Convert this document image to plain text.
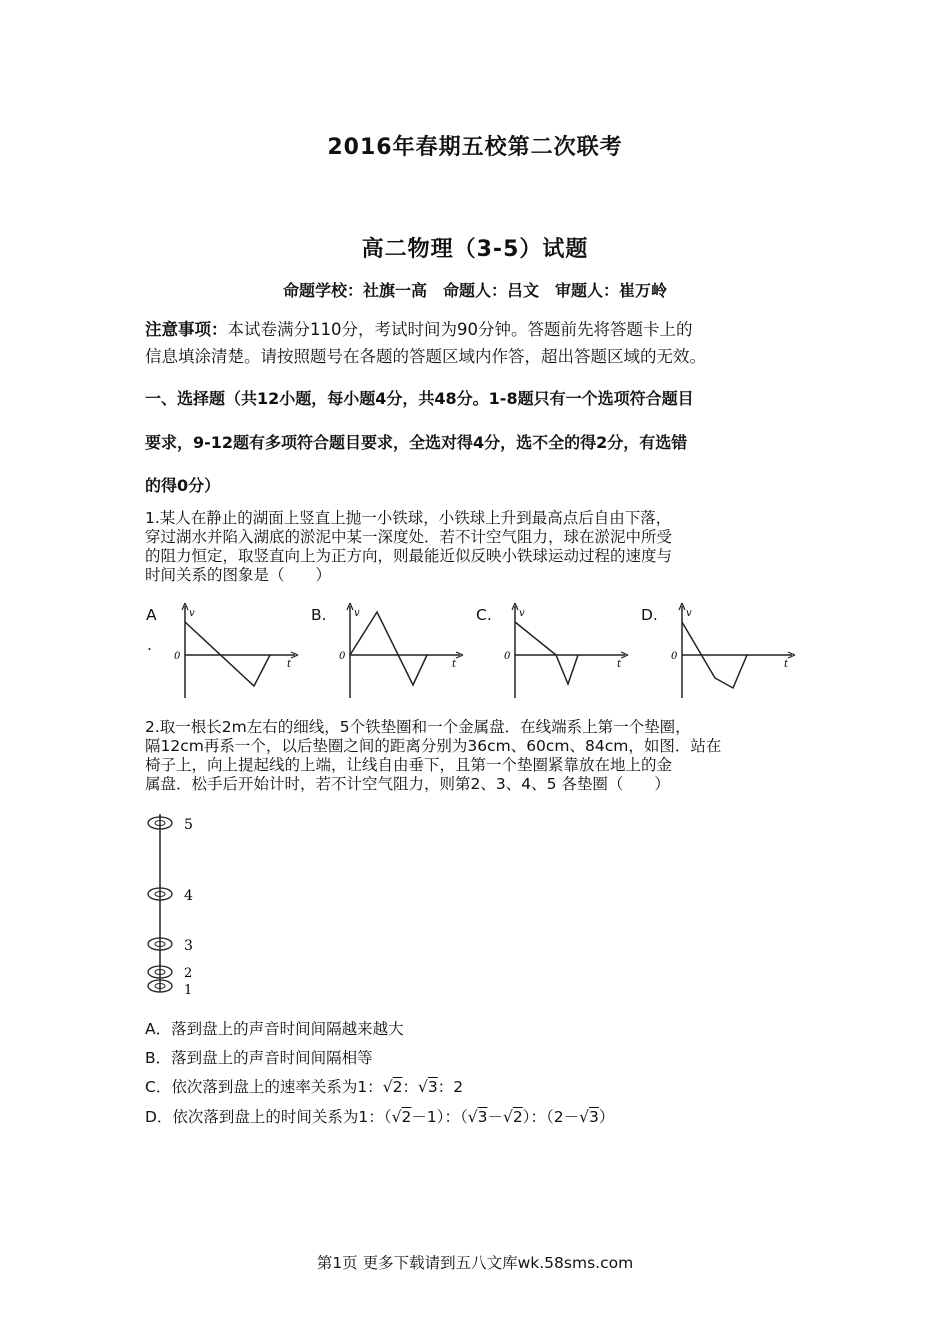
2016年春期五校第二次联考
高二物理（3-5）试题
命题学校：社旗一高　命题人：吕文　审题人：崔万岭
注意事项：本试卷满分110分，考试时间为90分钟。答题前先将答题卡上的
信息填涂清楚。请按照题号在各题的答题区域内作答，超出答题区域的无效。
一、选择题（共12小题，每小题4分，共48分。1-8题只有一个选项符合题目
要求，9-12题有多项符合题目要求，全选对得4分，选不全的得2分，有选错
的得0分）
1.某人在静止的湖面上竖直上抛一小铁球，小铁球上升到最高点后自由下落，
穿过湖水并陷入湖底的淤泥中某一深度处．若不计空气阻力，球在淤泥中所受
的阻力恒定，取竖直向上为正方向，则最能近似反映小铁球运动过程的速度与
时间关系的图象是（　　）
A
.
B.	C.	D.
v
0
t
v
0
t
v
0
t
v
0
t
2.取一根长2m左右的细线，5个铁垫圈和一个金属盘．在线端系上第一个垫圈，
隔12cm再系一个，以后垫圈之间的距离分别为36cm、60cm、84cm，如图．站在
椅子上，向上提起线的上端，让线自由垂下，且第一个垫圈紧靠放在地上的金
属盘．松手后开始计时，若不计空气阻力，则第2、3、4、5 各垫圈（　　）
5
4
3
2
1
A．落到盘上的声音时间间隔越来越大
B．落到盘上的声音时间间隔相等
C．依次落到盘上的速率关系为1：√2：√3：2
D．依次落到盘上的时间关系为1：（√2－1）：（√3－√2）：（2－√3）
第1页 更多下载请到五八文库wk.58sms.com
